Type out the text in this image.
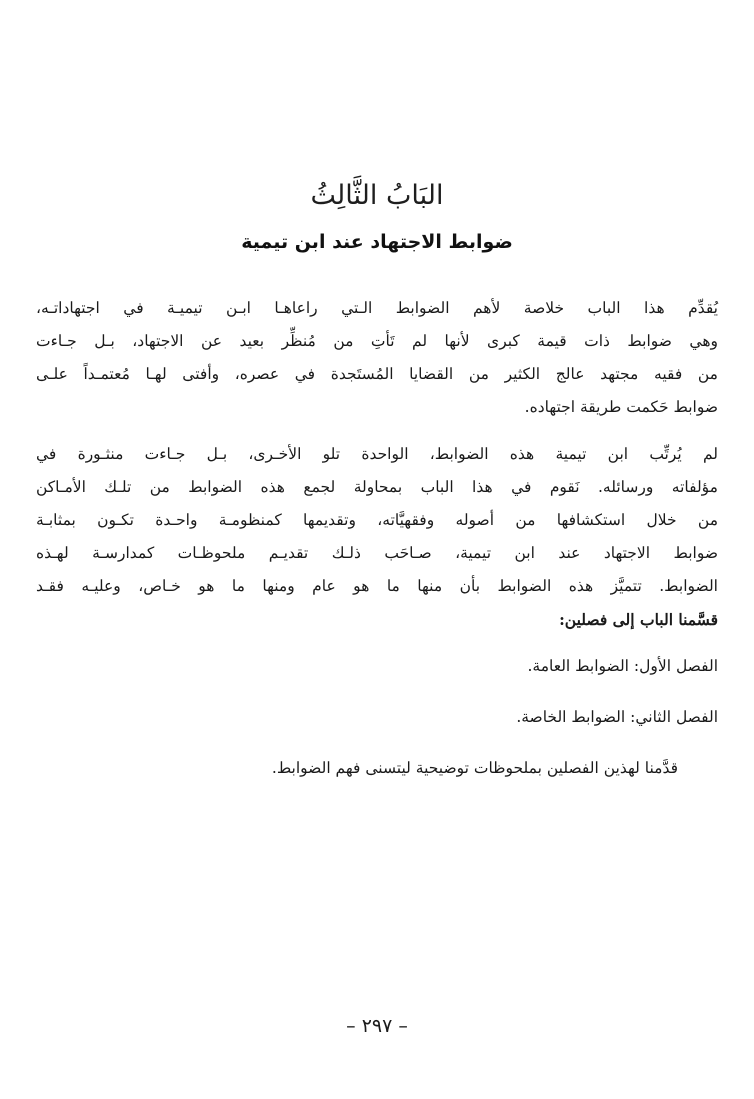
البَابُ الثَّالِثُ
ضوابط الاجتهاد عند ابن تيمية
يُقدِّم هذا الباب خلاصة لأهم الضوابط الـتي راعاهـا ابـن تيميـة في اجتهاداتـه،
وهي ضوابط ذات قيمة كبرى لأنها لم تَأتِ من مُنظِّر بعيد عن الاجتهاد، بـل جـاءت
من فقيه مجتهد عالج الكثير من القضايا المُستَجدة في عصره، وأفتى لهـا مُعتمـداً علـى
ضوابط حَكمت طريقة اجتهاده.
لم يُرتِّب ابن تيمية هذه الضوابط، الواحدة تلو الأخـرى، بـل جـاءت منثـورة في
مؤلفاته ورسائله. نَقوم في هذا الباب بمحاولة لجمع هذه الضوابط من تلـك الأمـاكن
من خلال استكشافها من أصوله وفقهيَّاته، وتقديمها كمنظومـة واحـدة تكـون بمثابـة
ضوابط الاجتهاد عند ابن تيمية، صـاحَب ذلـك تقديـم ملحوظـات كمدارسـة لهـذه
الضوابط. تتميَّز هذه الضوابط بأن منها ما هو عام ومنها ما هو خـاص، وعليـه فقـد
قسَّمنا الباب إلى فصلين:
الفصل الأول: الضوابط العامة.
الفصل الثاني: الضوابط الخاصة.
قدَّمنا لهذين الفصلين بملحوظات توضيحية ليتسنى فهم الضوابط.
– ٢٩٧ –
